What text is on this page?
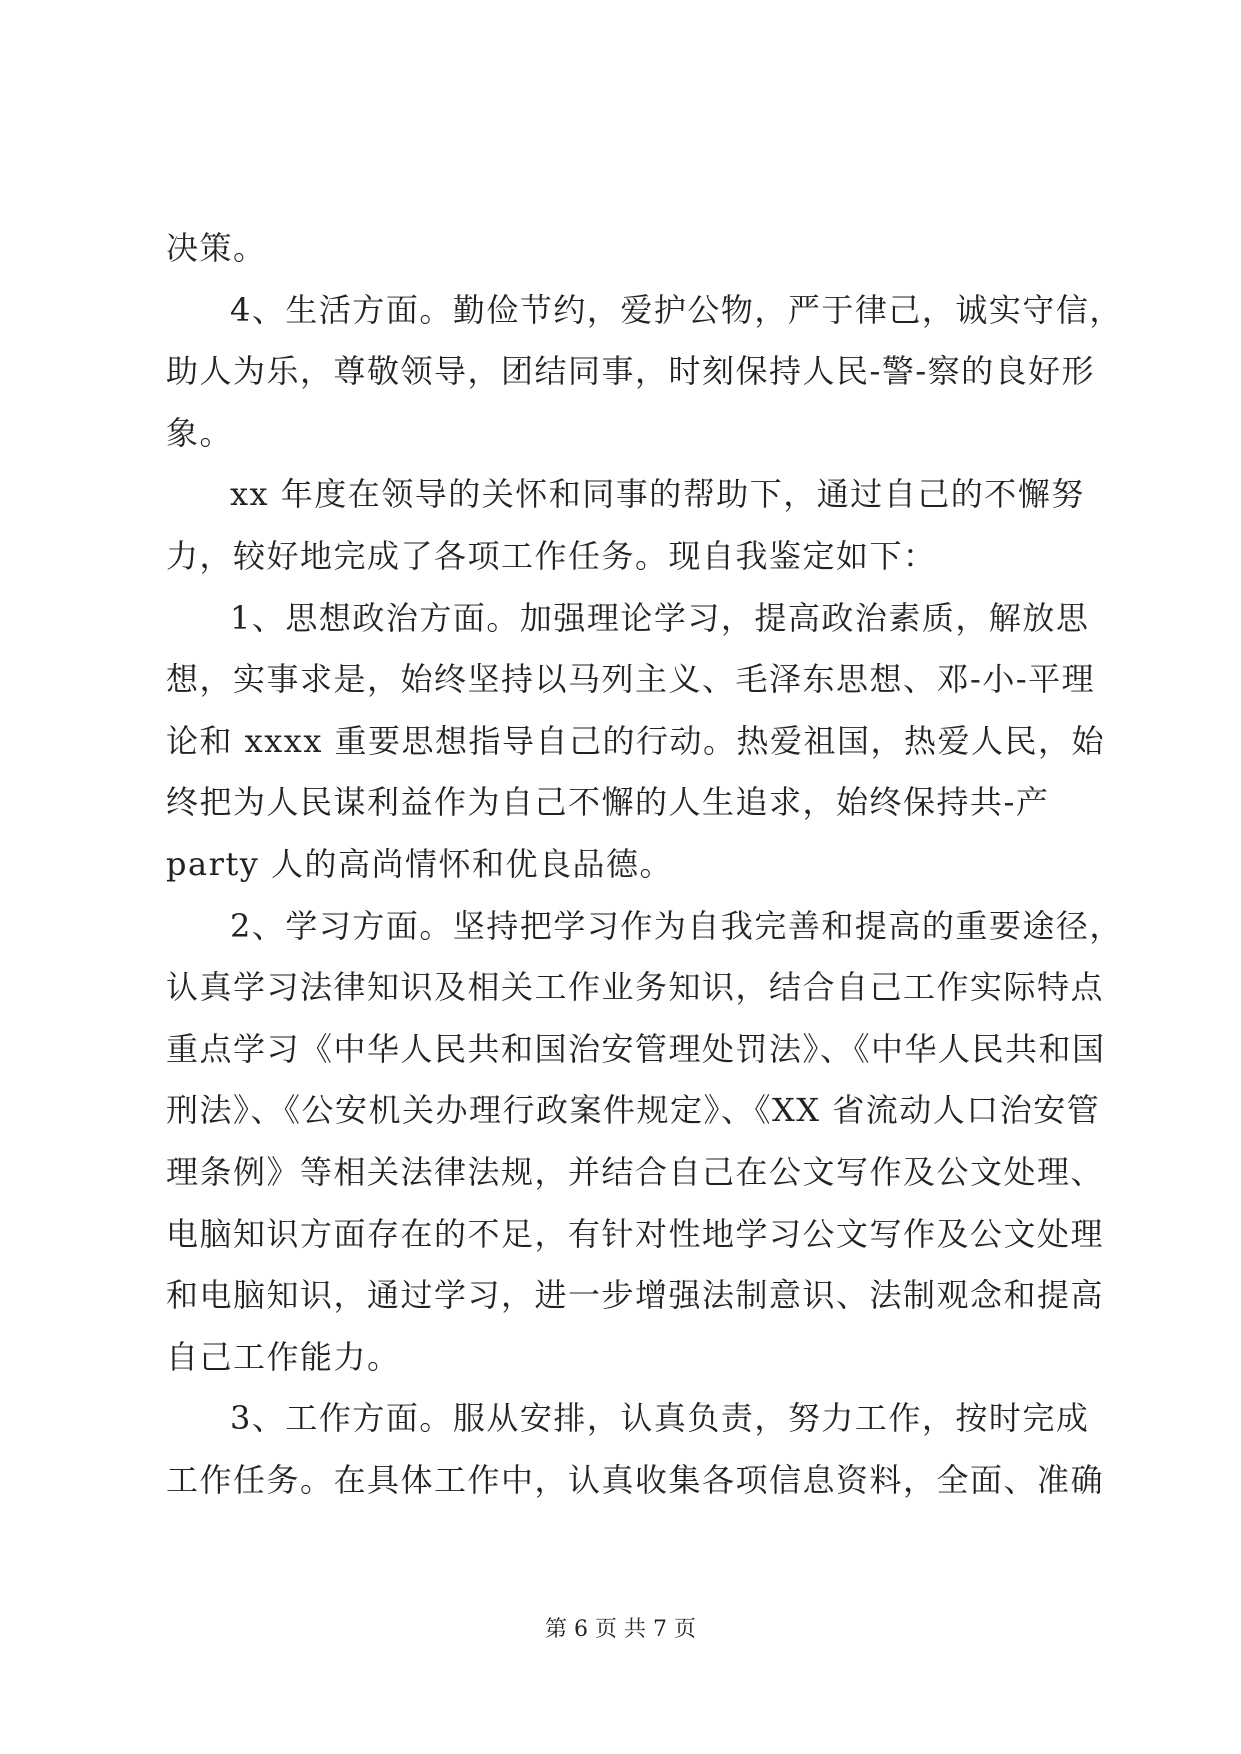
决策。
4、生活方面。勤俭节约，爱护公物，严于律己，诚实守信，
助人为乐，尊敬领导，团结同事，时刻保持人民-警-察的良好形
象。
xx 年度在领导的关怀和同事的帮助下，通过自己的不懈努
力，较好地完成了各项工作任务。现自我鉴定如下：
1、思想政治方面。加强理论学习，提高政治素质，解放思
想，实事求是，始终坚持以马列主义、毛泽东思想、邓-小-平理
论和 xxxx 重要思想指导自己的行动。热爱祖国，热爱人民，始
终把为人民谋利益作为自己不懈的人生追求，始终保持共-产
party 人的高尚情怀和优良品德。
2、学习方面。坚持把学习作为自我完善和提高的重要途径，
认真学习法律知识及相关工作业务知识，结合自己工作实际特点
重点学习《中华人民共和国治安管理处罚法》、《中华人民共和国
刑法》、《公安机关办理行政案件规定》、《XX 省流动人口治安管
理条例》等相关法律法规，并结合自己在公文写作及公文处理、
电脑知识方面存在的不足，有针对性地学习公文写作及公文处理
和电脑知识，通过学习，进一步增强法制意识、法制观念和提高
自己工作能力。
3、工作方面。服从安排，认真负责，努力工作，按时完成
工作任务。在具体工作中，认真收集各项信息资料，全面、准确
第 6 页 共 7 页
